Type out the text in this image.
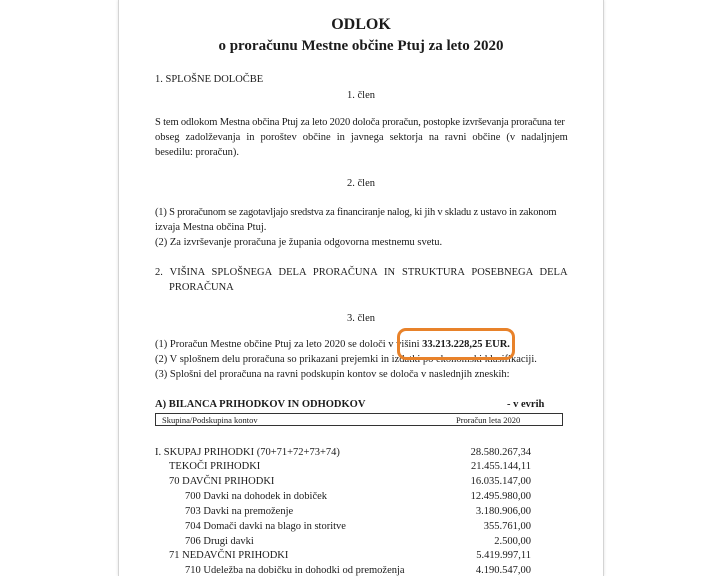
ODLOK
o proračunu Mestne občine Ptuj za leto 2020
1. SPLOŠNE DOLOČBE
1. člen
S tem odlokom Mestna občina Ptuj za leto 2020 določa proračun, postopke izvrševanja proračuna ter
obseg zadolževanja in poroštev občine in javnega sektorja na ravni občine (v nadaljnjem
besedilu: proračun).
2. člen
(1) S proračunom se zagotavljajo sredstva za financiranje nalog, ki jih v skladu z ustavo in zakonom
izvaja Mestna občina Ptuj.
(2) Za izvrševanje proračuna je župania odgovorna mestnemu svetu.
2. VIŠINA SPLOŠNEGA DELA PRORAČUNA IN STRUKTURA POSEBNEGA DELA
PRORAČUNA
3. člen
(1) Proračun Mestne občine Ptuj za leto 2020 se določi v višini 33.213.228,25 EUR.
(2) V splošnem delu proračuna so prikazani prejemki in izdatki po ekonomski klasifikaciji.
(3) Splošni del proračuna na ravni podskupin kontov se določa v naslednjih zneskih:
A) BILANCA PRIHODKOV IN ODHODKOV	- v evrih
Skupina/Podskupina kontov	Proračun leta 2020
I. SKUPAJ PRIHODKI (70+71+72+73+74)	28.580.267,34
TEKOČI PRIHODKI	21.455.144,11
70 DAVČNI PRIHODKI	16.035.147,00
700 Davki na dohodek in dobiček	12.495.980,00
703 Davki na premoženje	3.180.906,00
704 Domači davki na blago in storitve	355.761,00
706 Drugi davki	2.500,00
71 NEDAVČNI PRIHODKI	5.419.997,11
710 Udeležba na dobičku in dohodki od premoženja	4.190.547,00
